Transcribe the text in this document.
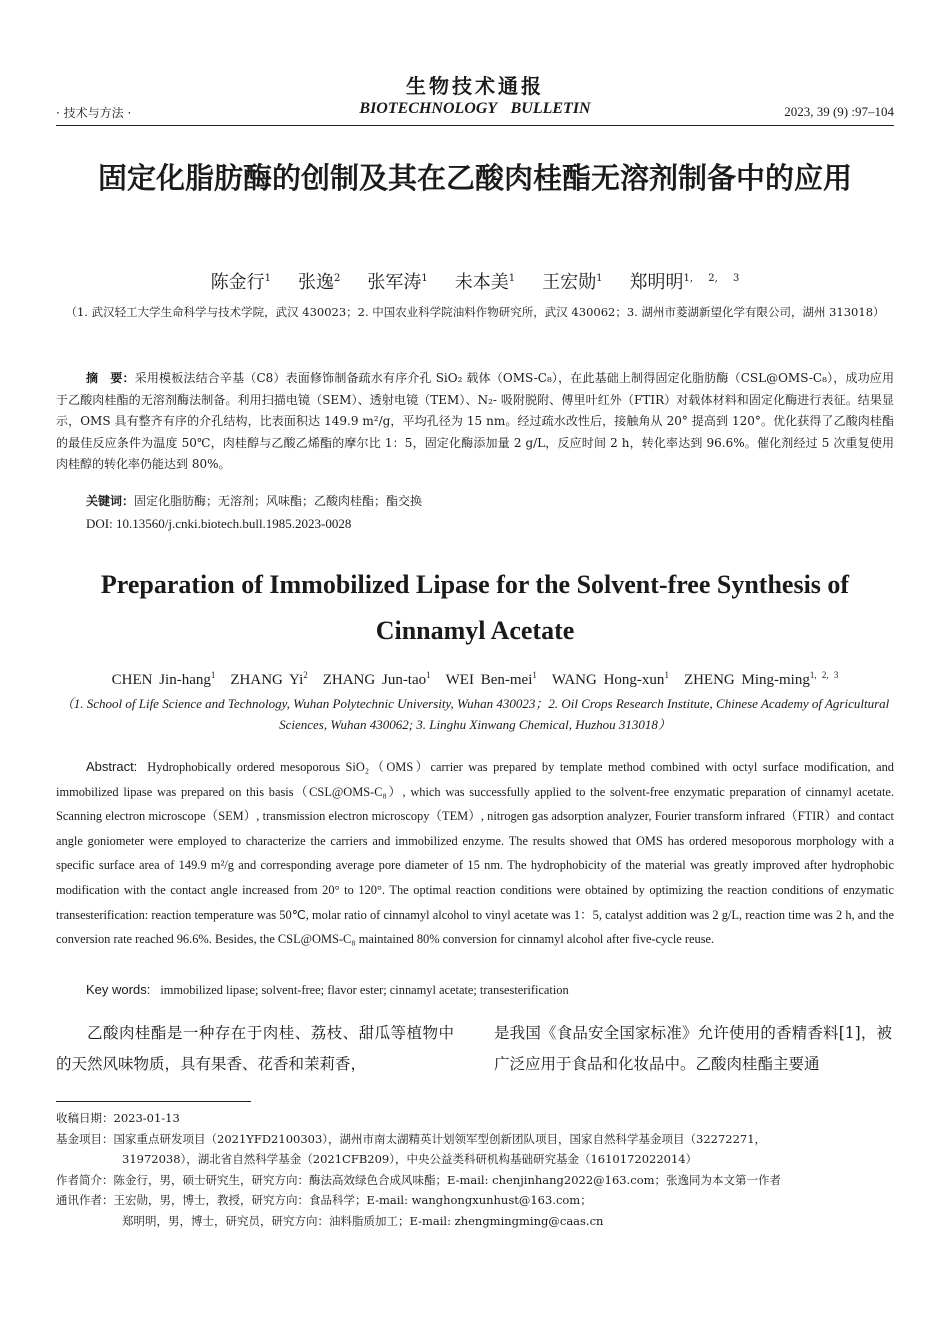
生物技术通报
BIOTECHNOLOGY BULLETIN
· 技术与方法 ·	2023, 39 (9) :97–104
固定化脂肪酶的创制及其在乙酸肉桂酯无溶剂制备中的应用
陈金行$^1$   张逸$^2$   张军涛$^1$   未本美$^1$   王宏勋$^1$   郑明明$^{1, 2, 3}$
（1. 武汉轻工大学生命科学与技术学院，武汉 430023；2. 中国农业科学院油料作物研究所，武汉 430062；3. 湖州市菱湖新望化学有限公司，湖州 313018）
摘　要：采用模板法结合辛基（C8）表面修饰制备疏水有序介孔 SiO₂ 载体（OMS-C₈），在此基础上制得固定化脂肪酶（CSL@OMS-C₈），成功应用于乙酸肉桂酯的无溶剂酶法制备。利用扫描电镜（SEM）、透射电镜（TEM）、N₂- 吸附脱附、傅里叶红外（FTIR）对载体材料和固定化酶进行表征。结果显示，OMS 具有整齐有序的介孔结构，比表面积达 149.9 m²/g，平均孔径为 15 nm。经过疏水改性后，接触角从 20° 提高到 120°。优化获得了乙酸肉桂酯的最佳反应条件为温度 50℃，肉桂醇与乙酸乙烯酯的摩尔比 1：5，固定化酶添加量 2 g/L，反应时间 2 h，转化率达到 96.6%。催化剂经过 5 次重复使用肉桂醇的转化率仍能达到 80%。
关键词：固定化脂肪酶；无溶剂；风味酯；乙酸肉桂酯；酯交换
DOI: 10.13560/j.cnki.biotech.bull.1985.2023-0028
Preparation of Immobilized Lipase for the Solvent-free Synthesis of Cinnamyl Acetate
CHEN Jin-hang$^1$  ZHANG Yi$^2$  ZHANG Jun-tao$^1$  WEI Ben-mei$^1$  WANG Hong-xun$^1$  ZHENG Ming-ming$^{1, 2, 3}$
（1. School of Life Science and Technology, Wuhan Polytechnic University, Wuhan 430023；2. Oil Crops Research Institute, Chinese Academy of Agricultural Sciences, Wuhan 430062; 3. Linghu Xinwang Chemical, Huzhou 313018）
Abstract: Hydrophobically ordered mesoporous SiO₂（OMS）carrier was prepared by template method combined with octyl surface modification, and immobilized lipase was prepared on this basis（CSL@OMS-C₈）, which was successfully applied to the solvent-free enzymatic preparation of cinnamyl acetate. Scanning electron microscope（SEM）, transmission electron microscopy（TEM）, nitrogen gas adsorption analyzer, Fourier transform infrared（FTIR）and contact angle goniometer were employed to characterize the carriers and immobilized enzyme. The results showed that OMS has ordered mesoporous morphology with a specific surface area of 149.9 m²/g and corresponding average pore diameter of 15 nm. The hydrophobicity of the material was greatly improved after hydrophobic modification with the contact angle increased from 20° to 120°. The optimal reaction conditions were obtained by optimizing the reaction conditions of enzymatic transesterification: reaction temperature was 50℃, molar ratio of cinnamyl alcohol to vinyl acetate was 1：5, catalyst addition was 2 g/L, reaction time was 2 h, and the conversion rate reached 96.6%. Besides, the CSL@OMS-C₈ maintained 80% conversion for cinnamyl alcohol after five-cycle reuse.
Key words: immobilized lipase; solvent-free; flavor ester; cinnamyl acetate; transesterification
乙酸肉桂酯是一种存在于肉桂、荔枝、甜瓜等植物中的天然风味物质，具有果香、花香和茉莉香，
是我国《食品安全国家标准》允许使用的香精香料[1]，被广泛应用于食品和化妆品中。乙酸肉桂酯主要通
收稿日期：2023-01-13
基金项目：国家重点研发项目（2021YFD2100303），湖州市南太湖精英计划领军型创新团队项目，国家自然科学基金项目（32272271，
31972038），湖北省自然科学基金（2021CFB209），中央公益类科研机构基础研究基金（1610172022014）
作者简介：陈金行，男，硕士研究生，研究方向：酶法高效绿色合成风味酯；E-mail: chenjinhang2022@163.com；张逸同为本文第一作者
通讯作者：王宏勋，男，博士，教授，研究方向：食品科学；E-mail: wanghongxunhust@163.com；
郑明明，男，博士，研究员，研究方向：油料脂质加工；E-mail: zhengmingming@caas.cn
